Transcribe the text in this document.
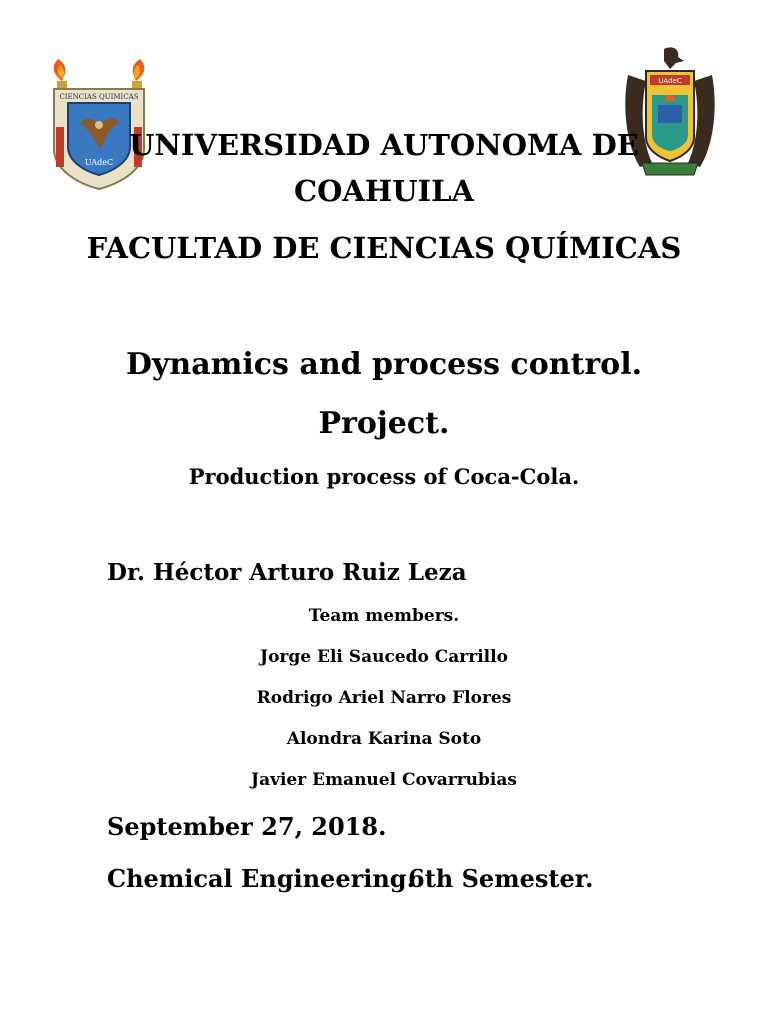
CIENCIAS QUIMICAS
UAdeC
UAdeC
UNIVERSIDAD AUTONOMA DE
COAHUILA
FACULTAD DE CIENCIAS QUÍMICAS
Dynamics and process control.
Project.
Production process of Coca-Cola.
Dr. Héctor Arturo Ruiz Leza
Team members.
Jorge Eli Saucedo Carrillo
Rodrigo Ariel Narro Flores
Alondra Karina Soto
Javier Emanuel Covarrubias
September 27, 2018.
Chemical Engineering.
6th Semester.
